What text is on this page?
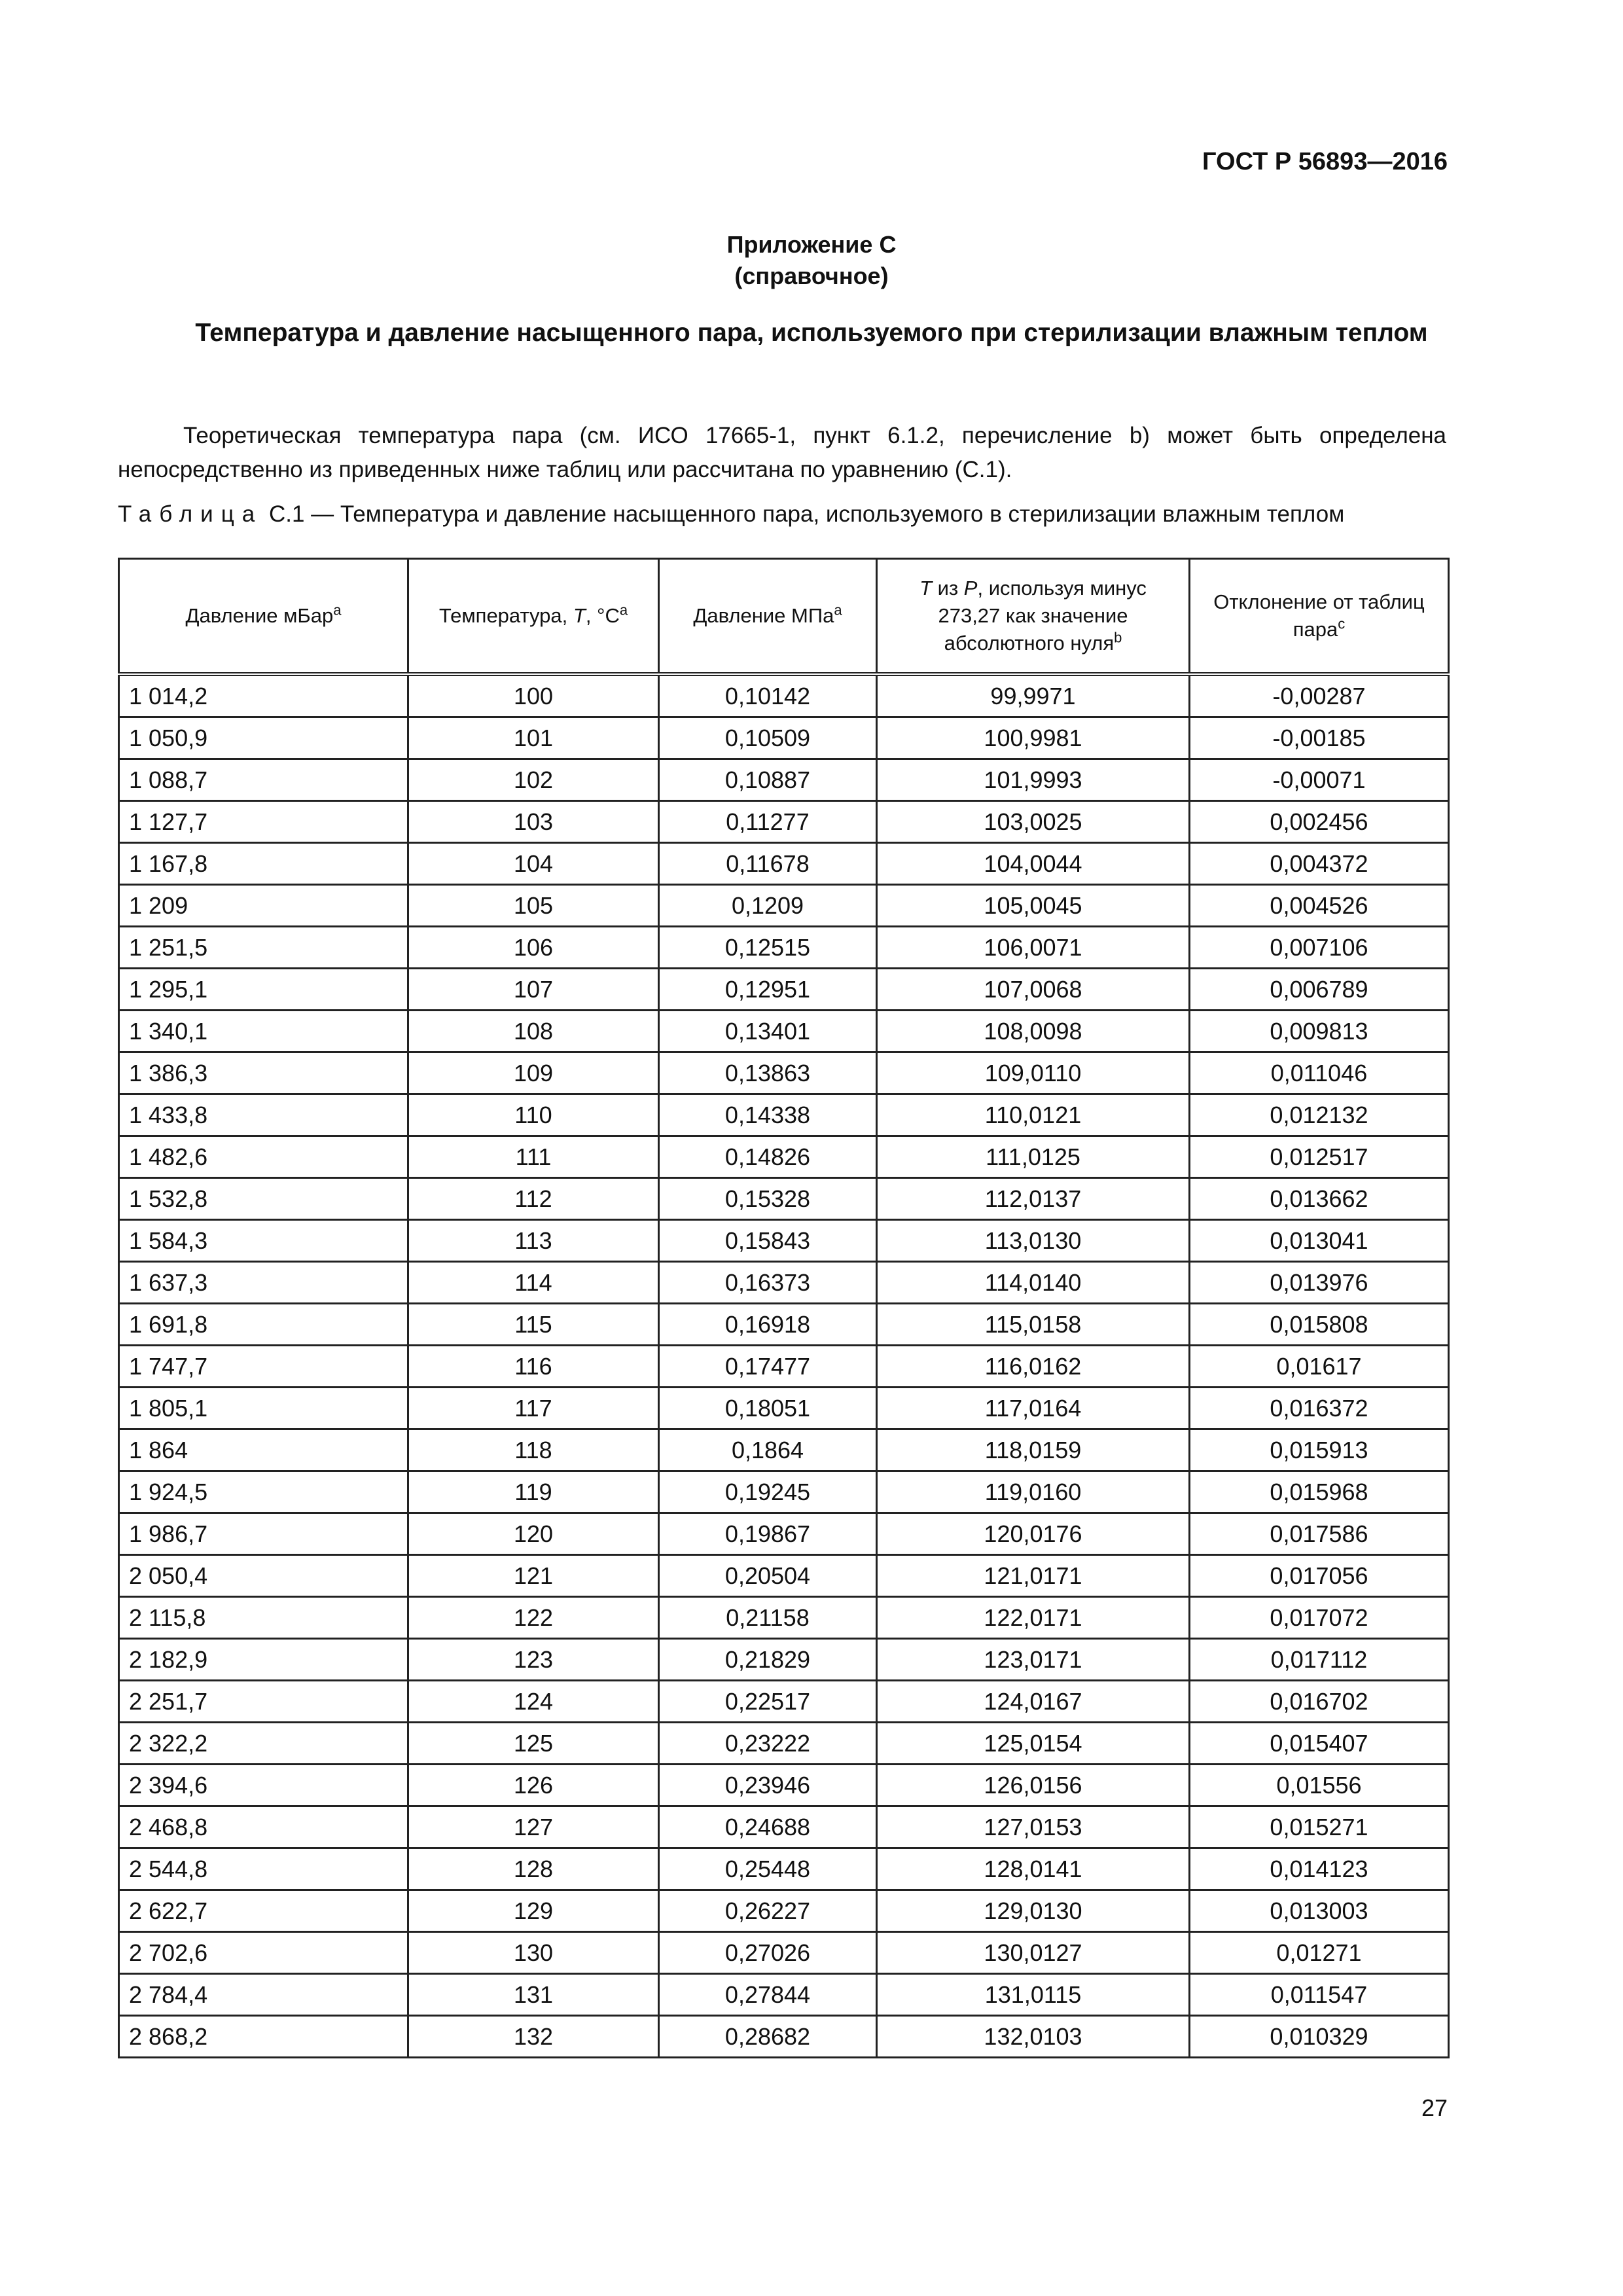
ГОСТ Р 56893—2016
Приложение С
(справочное)
Температура и давление насыщенного пара, используемого при стерилизации влажным теплом
Теоретическая температура пара (см. ИСО 17665-1, пункт 6.1.2, перечисление b) может быть определена непосредственно из приведенных ниже таблиц или рассчитана по уравнению (С.1).
Таблица С.1 — Температура и давление насыщенного пара, используемого в стерилизации влажным теплом
Давление мБар$^a$	Температура, T, $^\circ С^a$	Давление МПа$^a$	T из P, используя минус 273,27 как значение абсолютного нуля$^b$	Отклонение от таблиц пара$^c$
1 014,2	100	0,10142	99,9971	-0,00287
1 050,9	101	0,10509	100,9981	-0,00185
1 088,7	102	0,10887	101,9993	-0,00071
1 127,7	103	0,11277	103,0025	0,002456
1 167,8	104	0,11678	104,0044	0,004372
1 209	105	0,1209	105,0045	0,004526
1 251,5	106	0,12515	106,0071	0,007106
1 295,1	107	0,12951	107,0068	0,006789
1 340,1	108	0,13401	108,0098	0,009813
1 386,3	109	0,13863	109,0110	0,011046
1 433,8	110	0,14338	110,0121	0,012132
1 482,6	111	0,14826	111,0125	0,012517
1 532,8	112	0,15328	112,0137	0,013662
1 584,3	113	0,15843	113,0130	0,013041
1 637,3	114	0,16373	114,0140	0,013976
1 691,8	115	0,16918	115,0158	0,015808
1 747,7	116	0,17477	116,0162	0,01617
1 805,1	117	0,18051	117,0164	0,016372
1 864	118	0,1864	118,0159	0,015913
1 924,5	119	0,19245	119,0160	0,015968
1 986,7	120	0,19867	120,0176	0,017586
2 050,4	121	0,20504	121,0171	0,017056
2 115,8	122	0,21158	122,0171	0,017072
2 182,9	123	0,21829	123,0171	0,017112
2 251,7	124	0,22517	124,0167	0,016702
2 322,2	125	0,23222	125,0154	0,015407
2 394,6	126	0,23946	126,0156	0,01556
2 468,8	127	0,24688	127,0153	0,015271
2 544,8	128	0,25448	128,0141	0,014123
2 622,7	129	0,26227	129,0130	0,013003
2 702,6	130	0,27026	130,0127	0,01271
2 784,4	131	0,27844	131,0115	0,011547
2 868,2	132	0,28682	132,0103	0,010329
27
